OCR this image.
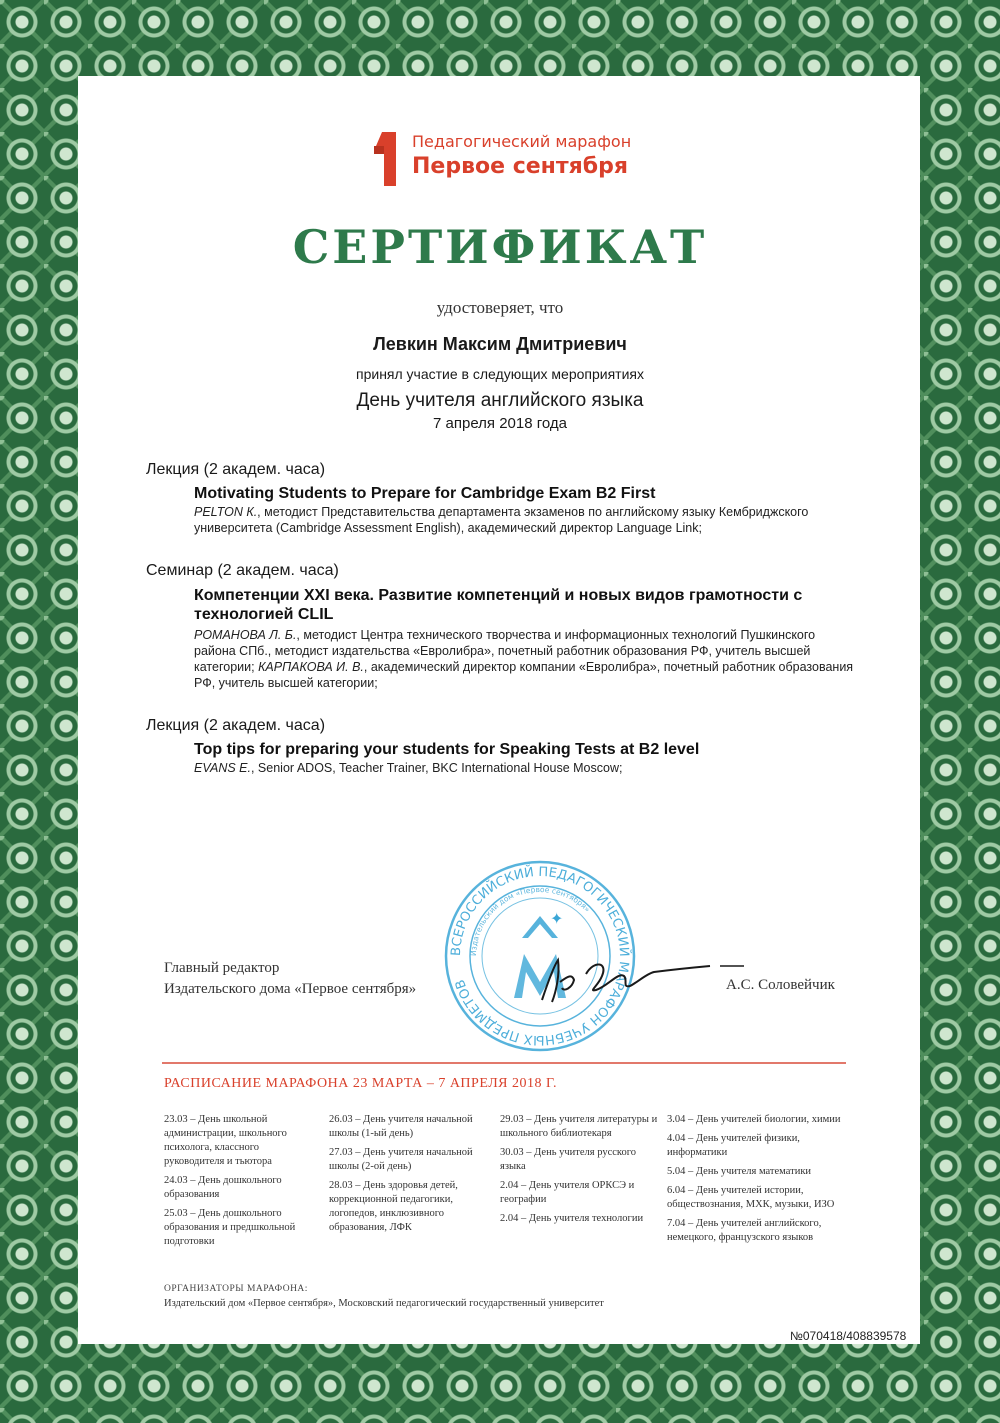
Педагогический марафон
Первое сентября
СЕРТИФИКАТ
удостоверяет, что
Левкин Максим Дмитриевич
принял участие в следующих мероприятиях
День учителя английского языка
7 апреля 2018 года
Лекция (2 академ. часа)
Motivating Students to Prepare for Cambridge Exam B2 First
PELTON К., методист Представительства департамента экзаменов по английскому языку Кембриджского университета (Cambridge Assessment English), академический директор Language Link;
Семинар (2 академ. часа)
Компетенции XXI века. Развитие компетенций и новых видов грамотности с технологией CLIL
РОМАНОВА Л. Б., методист Центра технического творчества и информационных технологий Пушкинского района СПб., методист издательства «Евролибра», почетный работник образования РФ, учитель высшей категории; КАРПАКОВА И. В., академический директор компании «Евролибра», почетный работник образования РФ, учитель высшей категории;
Лекция (2 академ. часа)
Top tips for preparing your students for Speaking Tests at B2 level
EVANS E., Senior ADOS, Teacher Trainer, BKC International House Moscow;
ВСЕРОССИЙСКИЙ ПЕДАГОГИЧЕСКИЙ МАРАФОН УЧЕБНЫХ ПРЕДМЕТОВ
Издательский дом «Первое сентября»
✦
Главный редактор
Издательского дома «Первое сентября»	А.С. Соловейчик
РАСПИСАНИЕ МАРАФОНА 23 МАРТА – 7 АПРЕЛЯ 2018 Г.
23.03 – День школьной администрации, школьного психолога, классного руководителя и тьютора
24.03 – День дошкольного образования
25.03 – День дошкольного образования и предшкольной подготовки
26.03 – День учителя начальной школы (1-ый день)
27.03 – День учителя начальной школы (2-ой день)
28.03 – День здоровья детей, коррекционной педагогики, логопедов, инклюзивного образования, ЛФК
29.03 – День учителя литературы и школьного библиотекаря
30.03 – День учителя русского языка
2.04 – День учителя ОРКСЭ и географии
2.04 – День учителя технологии
3.04 – День учителей биологии, химии
4.04 – День учителей физики, информатики
5.04 – День учителя математики
6.04 – День учителей истории, обществознания, МХК, музыки, ИЗО
7.04 – День учителей английского, немецкого, французского языков
ОРГАНИЗАТОРЫ МАРАФОНА:
Издательский дом «Первое сентября», Московский педагогический государственный университет
№070418/408839578
